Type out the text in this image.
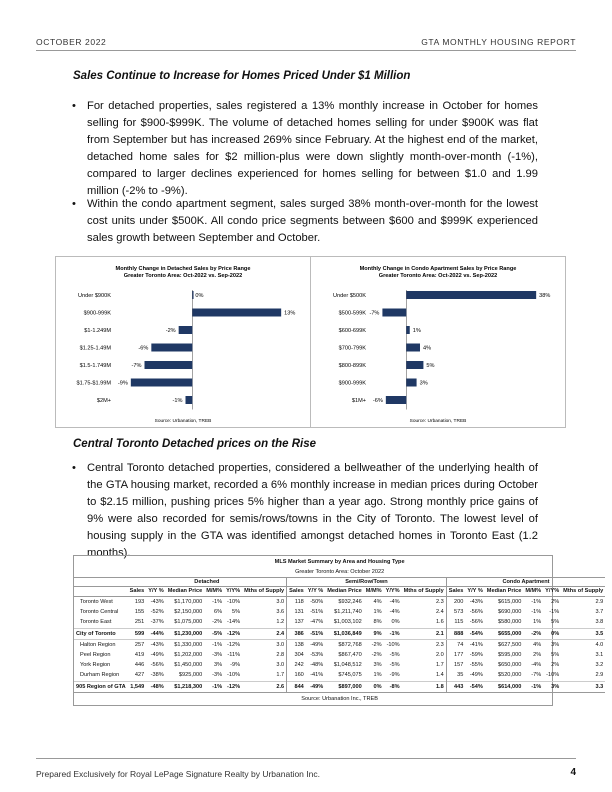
OCTOBER 2022	GTA MONTHLY HOUSING REPORT
Sales Continue to Increase for Homes Priced Under $1 Million
• For detached properties, sales registered a 13% monthly increase in October for homes selling for $900-$999K. The volume of detached homes selling for under $900K was flat from September but has increased 269% since February. At the highest end of the market, detached home sales for $2 million-plus were down slightly month-over-month (-1%), compared to larger declines experienced for homes selling for between $1.0 and 1.99 million (-2% to -9%).
• Within the condo apartment segment, sales surged 38% month-over-month for the lowest cost units under $500K. All condo price segments between $600 and $999K experienced sales growth between September and October.
Monthly Change in Detached Sales by Price Range
Greater Toronto Area: Oct-2022 vs. Sep-2022
Under $900K	0%
$900-999K	13%
$1-1.249M	-2%
$1.25-1.49M	-6%
$1.5-1.749M	-7%
$1.75-$1.99M -9%
$2M+	-1%
Source: Urbanation, TREB
Monthly Change in Condo Apartment Sales by Price Range
Greater Toronto Area: Oct-2022 vs. Sep-2022
Under $500K	38%
$500-599K -7%
$600-699K	1%
$700-799K	4%
$800-899K	5%
$900-999K	3%
$1M+ -6%
Source: Urbanation, TREB
Central Toronto Detached prices on the Rise
• Central Toronto detached properties, considered a bellweather of the underlying health of the GTA housing market, recorded a 6% monthly increase in median prices during October to $2.15 million, pushing prices 5% higher than a year ago. Strong monthly price gains of 9% were also recorded for semis/rows/towns in the City of Toronto. The lowest level of housing supply in the GTA was identified amongst detached homes in Toronto East (1.2 months).
MLS Market Summary by Area and Housing Type																		
Greater Toronto Area: October 2022																		
	Detached						Semi/Row/Town						Condo Apartment					
	Sales	Y/Y %	Median Price	M/M%	Y/Y%	Mths of Supply	Sales	Y/Y %	Median Price	M/M%	Y/Y%	Mths of Supply	Sales	Y/Y %	Median Price	M/M%	Y/Y%	Mths of Supply
Toronto West	193	-43%	$1,170,000	-1%	-10%	3.0	118	-50%	$932,246	4%	-4%	2.3	200	-43%	$615,000	-1%	2%	2.9
Toronto Central	155	-52%	$2,150,000	6%	5%	3.6	131	-51%	$1,211,740	1%	-4%	2.4	573	-56%	$690,000	-1%	-1%	3.7
Toronto East	251	-37%	$1,075,000	-2%	-14%	1.2	137	-47%	$1,003,102	8%	0%	1.6	115	-56%	$580,000	1%	5%	3.8
City of Toronto	599	-44%	$1,230,000	-5%	-12%	2.4	386	-51%	$1,036,849	9%	-1%	2.1	888	-54%	$655,000	-2%	0%	3.5
Halton Region	257	-43%	$1,330,000	-1%	-12%	3.0	138	-49%	$872,768	-2%	-10%	2.3	74	-41%	$627,500	4%	3%	4.0
Peel Region	419	-49%	$1,202,000	-3%	-11%	2.8	304	-53%	$867,470	-2%	-5%	2.0	177	-59%	$595,000	2%	5%	3.1
York Region	446	-56%	$1,450,000	3%	-9%	3.0	242	-48%	$1,048,512	3%	-5%	1.7	157	-55%	$650,000	-4%	2%	3.2
Durham Region	427	-38%	$925,000	-3%	-10%	1.7	160	-41%	$745,075	1%	-9%	1.4	35	-49%	$520,000	-7%	-10%	2.9
905 Region of GTA	1,549	-48%	$1,218,300	-1%	-12%	2.6	844	-49%	$897,000	0%	-8%	1.8	443	-54%	$614,000	-1%	3%	3.3
Source: Urbanation Inc., TREB																		
Prepared Exclusively for Royal LePage Signature Realty by Urbanation Inc.	4
